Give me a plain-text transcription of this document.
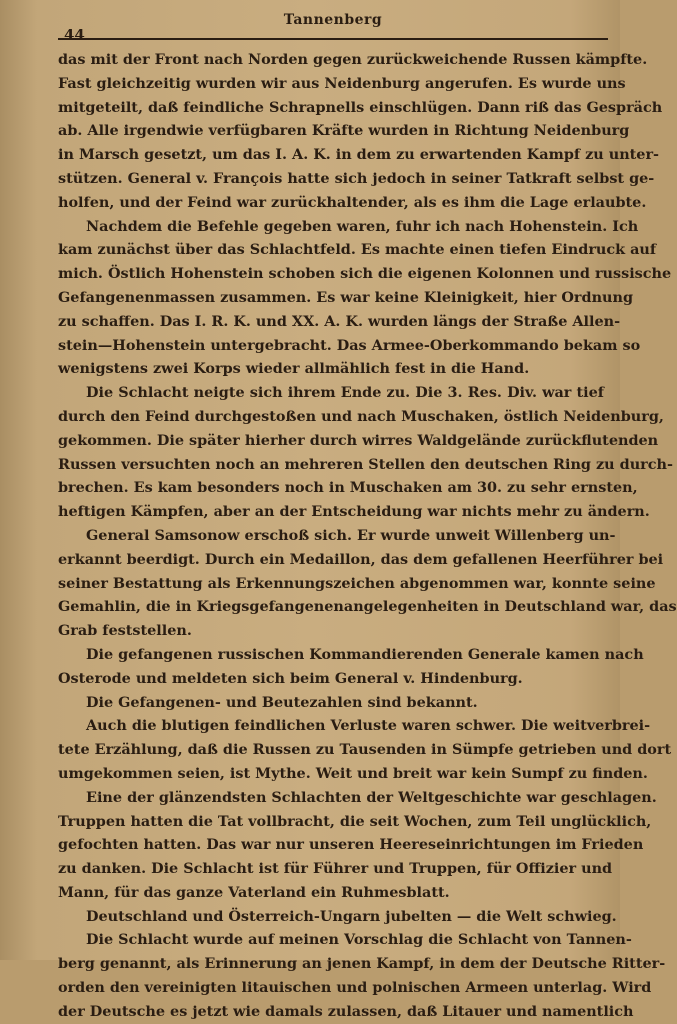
44
Tannenberg
das mit der Front nach Norden gegen zurückweichende Russen kämpfte.
Fast gleichzeitig wurden wir aus Neidenburg angerufen. Es wurde uns
mitgeteilt, daß feindliche Schrapnells einschlügen. Dann riß das Gespräch
ab. Alle irgendwie verfügbaren Kräfte wurden in Richtung Neidenburg
in Marsch gesetzt, um das I. A. K. in dem zu erwartenden Kampf zu unter-
stützen. General v. François hatte sich jedoch in seiner Tatkraft selbst ge-
holfen, und der Feind war zurückhaltender, als es ihm die Lage erlaubte.
Nachdem die Befehle gegeben waren, fuhr ich nach Hohenstein. Ich
kam zunächst über das Schlachtfeld. Es machte einen tiefen Eindruck auf
mich. Östlich Hohenstein schoben sich die eigenen Kolonnen und russische
Gefangenenmassen zusammen. Es war keine Kleinigkeit, hier Ordnung
zu schaffen. Das I. R. K. und XX. A. K. wurden längs der Straße Allen-
stein—Hohenstein untergebracht. Das Armee-Oberkommando bekam so
wenigstens zwei Korps wieder allmählich fest in die Hand.
Die Schlacht neigte sich ihrem Ende zu. Die 3. Res. Div. war tief
durch den Feind durchgestoßen und nach Muschaken, östlich Neidenburg,
gekommen. Die später hierher durch wirres Waldgelände zurückflutenden
Russen versuchten noch an mehreren Stellen den deutschen Ring zu durch-
brechen. Es kam besonders noch in Muschaken am 30. zu sehr ernsten,
heftigen Kämpfen, aber an der Entscheidung war nichts mehr zu ändern.
General Samsonow erschoß sich. Er wurde unweit Willenberg un-
erkannt beerdigt. Durch ein Medaillon, das dem gefallenen Heerführer bei
seiner Bestattung als Erkennungszeichen abgenommen war, konnte seine
Gemahlin, die in Kriegsgefangenenangelegenheiten in Deutschland war, das
Grab feststellen.
Die gefangenen russischen Kommandierenden Generale kamen nach
Osterode und meldeten sich beim General v. Hindenburg.
Die Gefangenen- und Beutezahlen sind bekannt.
Auch die blutigen feindlichen Verluste waren schwer. Die weitverbrei-
tete Erzählung, daß die Russen zu Tausenden in Sümpfe getrieben und dort
umgekommen seien, ist Mythe. Weit und breit war kein Sumpf zu finden.
Eine der glänzendsten Schlachten der Weltgeschichte war geschlagen.
Truppen hatten die Tat vollbracht, die seit Wochen, zum Teil unglücklich,
gefochten hatten. Das war nur unseren Heereseinrichtungen im Frieden
zu danken. Die Schlacht ist für Führer und Truppen, für Offizier und
Mann, für das ganze Vaterland ein Ruhmesblatt.
Deutschland und Österreich-Ungarn jubelten — die Welt schwieg.
Die Schlacht wurde auf meinen Vorschlag die Schlacht von Tannen-
berg genannt, als Erinnerung an jenen Kampf, in dem der Deutsche Ritter-
orden den vereinigten litauischen und polnischen Armeen unterlag. Wird
der Deutsche es jetzt wie damals zulassen, daß Litauer und namentlich
